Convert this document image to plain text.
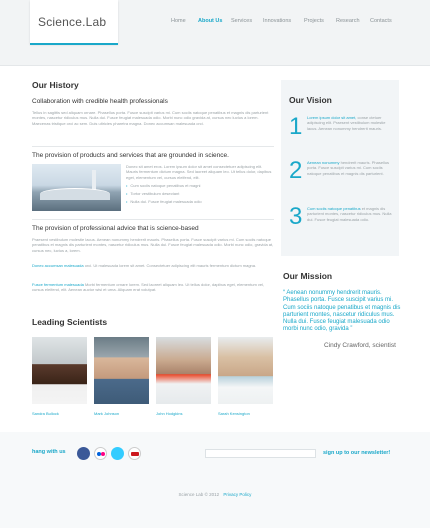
Science.Lab	Home About Us Services Innovations Projects Research Contacts
Our History
Collaboration with credible health professionals
Tellus in sagittis sed aliquam ornare. Phasellus porta. Fusce suscipit varius mi. Cum sociis natoque penatibus et magnis dis parturient montes, nascetur ridiculus mus. Nulla dui. Fusce feugiat malesuada odio. Morbi nunc odio gravida at, cursus nec luctus a lorem. Maecenas tristique orci ac sem. Duis ultricies pharetra magna. Donec accumsan malesuada orci.
The provision of products and services that are grounded in science.
Donec sit amet eros. Lorem ipsum dolor sit amet consectetuer adipiscing elit. Mauris fermentum dictum magna. Sed laoreet aliquam leo. Ut tellus dolor, dapibus eget, elementum vel, cursus eleifend, elit.
• Cum sociis natoque penatibus et magni
• Tortor vestibulum desectant
• Nulla dui. Fusce feugiat malesuada odio
The provision of professional advice that is science-based
Praesent vestibulum molestie lacus. Aenean nonummy hendrerit mauris. Phasellus porta. Fusce suscipit varius mi. Cum sociis natoque penatibus et magnis dis parturient montes, nascetur ridiculus mus. Nulla dui. Fusce feugiat malesuada odio. Morbi nunc odio, gravida at, cursus nec, luctus a, lorem.
Donec accumsan malesuada orci. Ut malesuada lorem sit amet. Consectetuer adipiscing elit mauris fermentum dictum magna.
Fusce fermentum malesuada Morbi fermentum ornare lorem. Sed laoreet aliquam leo. Ut tellus dolor, dapibus eget, elementum vel, cursus eleifend, elit. Aenean auctor wisi et urna. Aliquam erat volutpat.
Our Vision
1 Lorem ipsum dolor sit amet, conse ctetuer adipiscing elit. Praesent vestibulum molestie lacus. Aenean nonummy hendrerit mauris.
2 Aenean nonummy hendrerit mauris. Phasellus porta. Fusce suscipit varius mi. Cum sociis natoque penatibus et magnis dis parturient.
3 Cum sociis natoque penatibus et magnis dis parturient montes, nascetur ridiculus mus. Nulla dui. Fusce feugiat malesuada odio.
Our Mission
“ Aenean nonummy hendrerit mauris. Phasellus porta. Fusce suscipit varius mi. Cum sociis natoque penatibus et magnis dis parturient montes, nascetur ridiculus mus. Nulla dui. Fusce feugiat malesuada odio morbi nunc odio, gravida ”
Cindy Crawford, scientist
Leading Scientists
Sandra Bullock	Mark Johnson	John Hodgkins	Sarah Kensington
hang with us	sign up to our newsletter!
Science Lab © 2012 Privacy Policy
